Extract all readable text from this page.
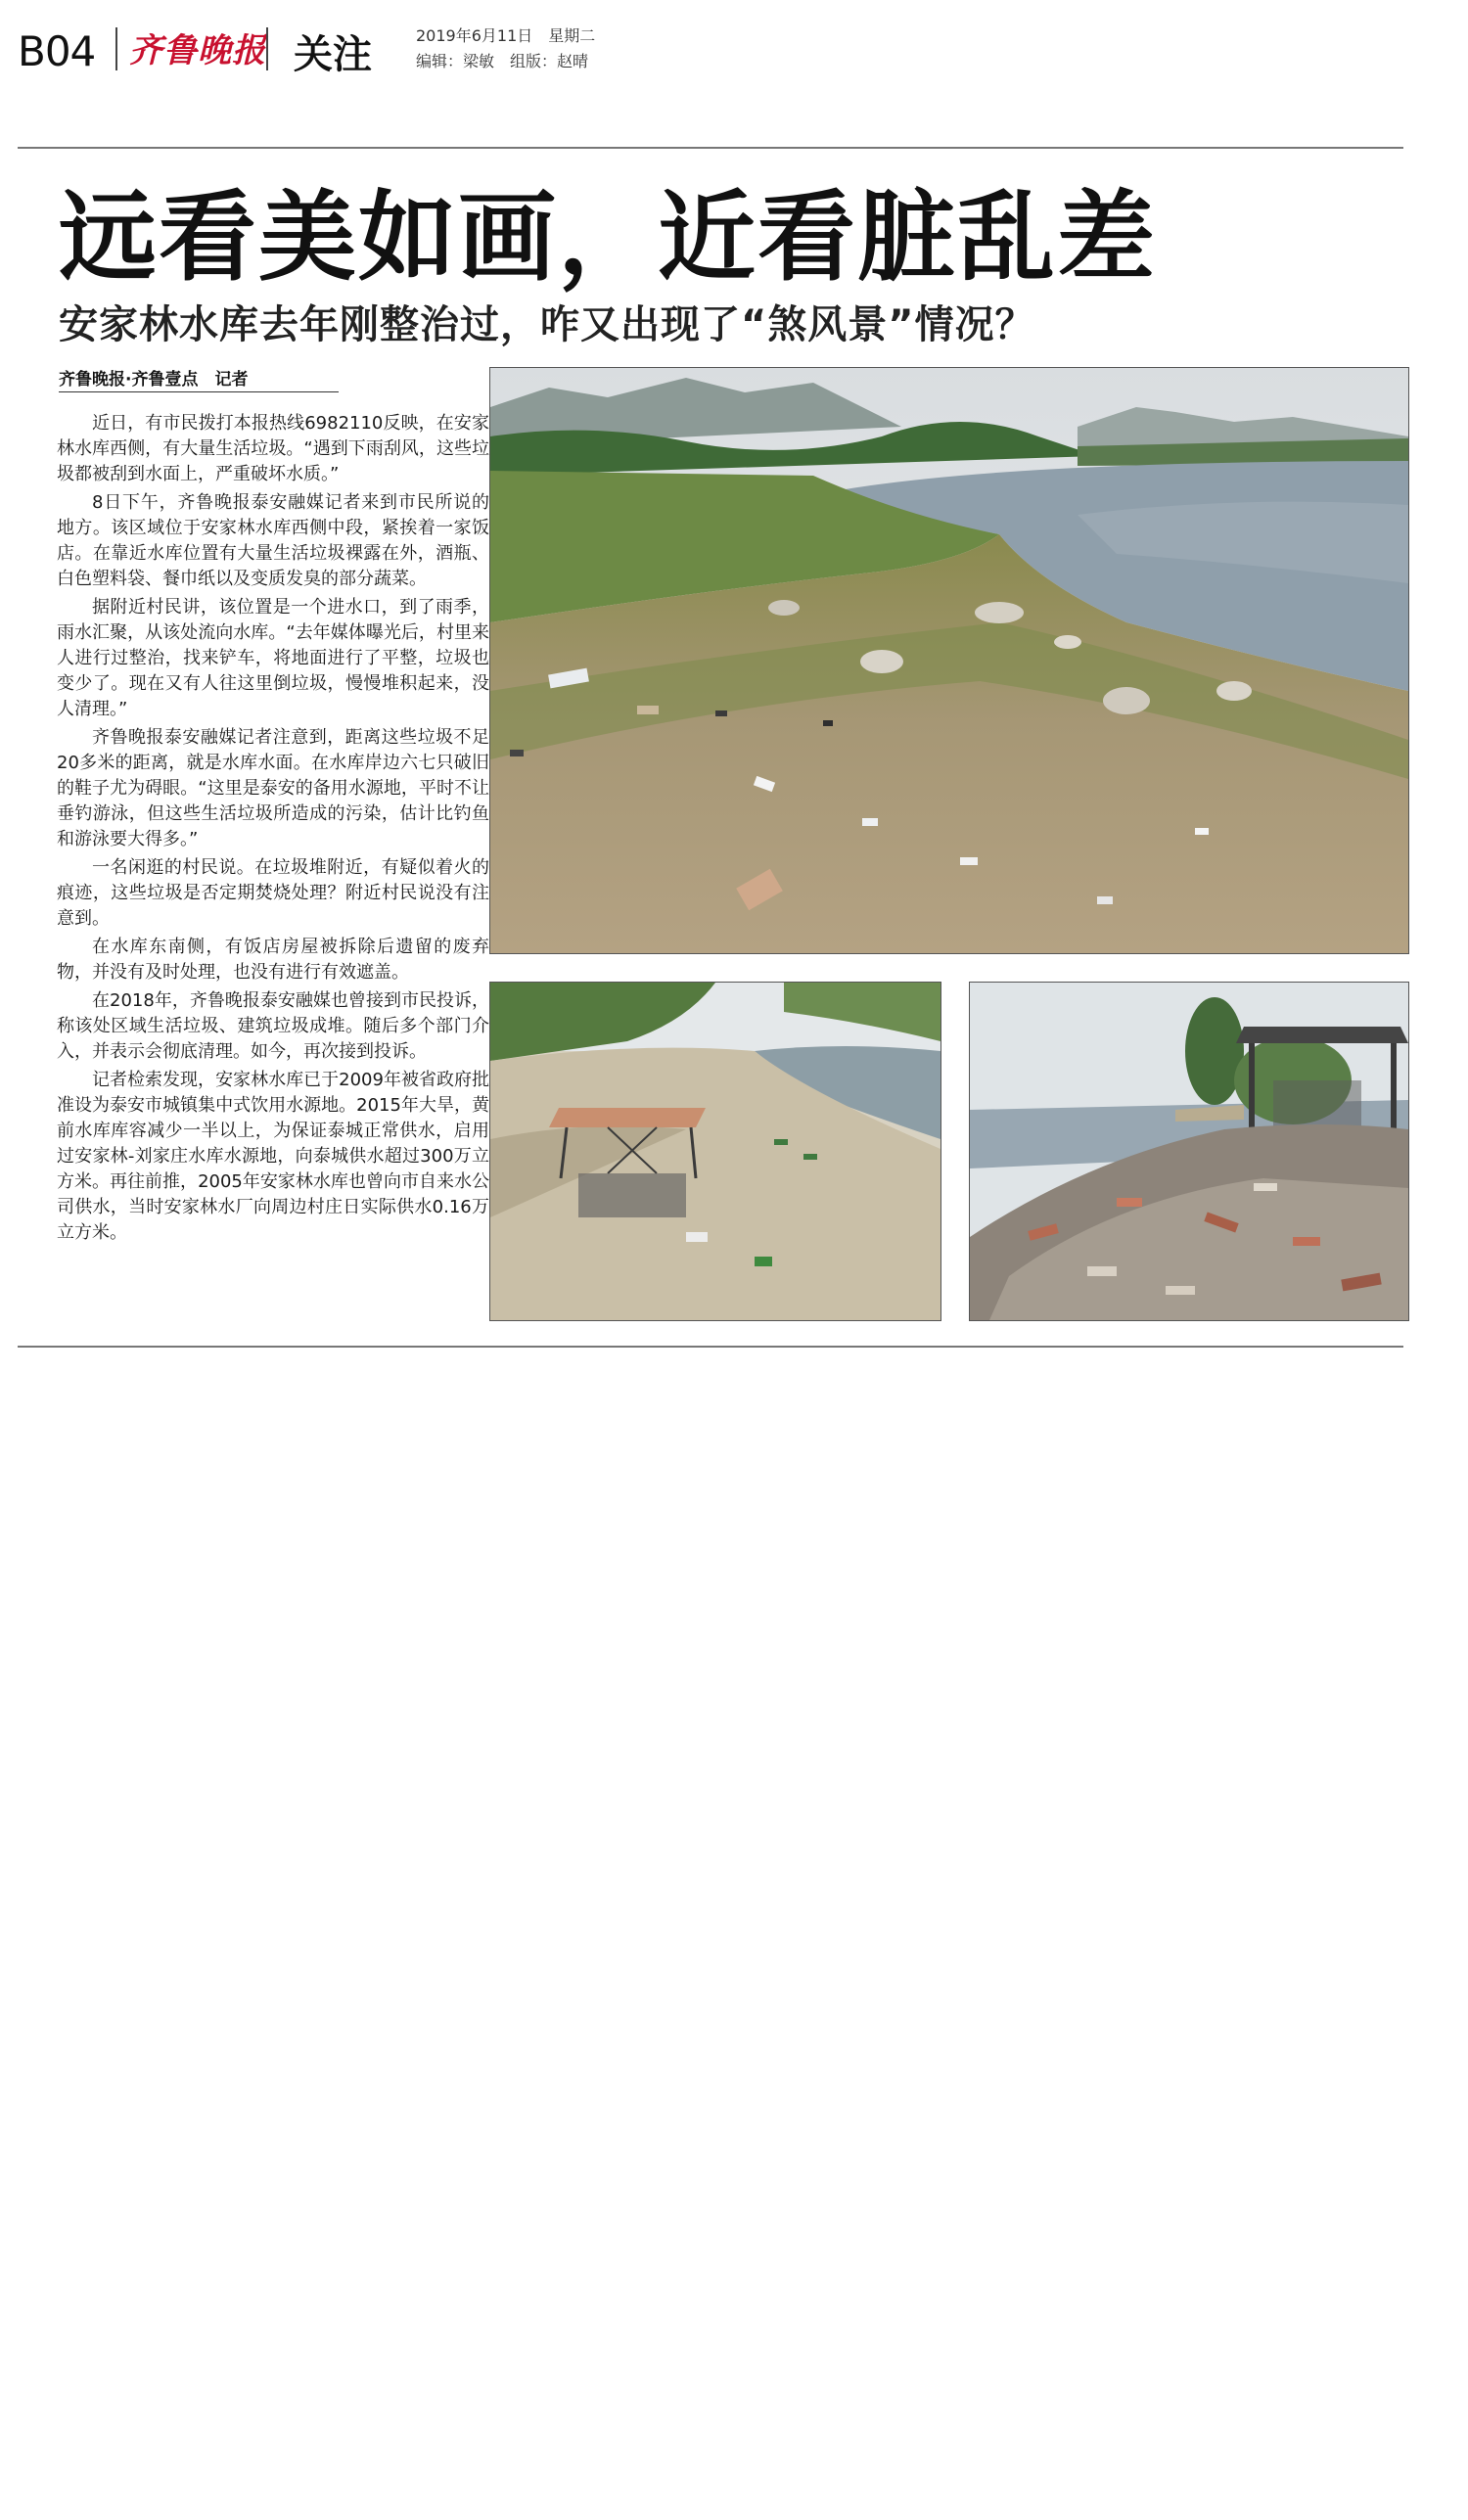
B04 齐鲁晚报 关注	2019年6月11日　星期二
编辑：梁敏　组版：赵晴
远看美如画，近看脏乱差
安家林水库去年刚整治过，咋又出现了“煞风景”情况？
齐鲁晚报·齐鲁壹点　记者

近日，有市民拨打本报热线6982110反映，在安家林水库西侧，有大量生活垃圾。“遇到下雨刮风，这些垃圾都被刮到水面上，严重破坏水质。”

8日下午，齐鲁晚报泰安融媒记者来到市民所说的地方。该区域位于安家林水库西侧中段，紧挨着一家饭店。在靠近水库位置有大量生活垃圾裸露在外，酒瓶、白色塑料袋、餐巾纸以及变质发臭的部分蔬菜。

据附近村民讲，该位置是一个进水口，到了雨季，雨水汇聚，从该处流向水库。“去年媒体曝光后，村里来人进行过整治，找来铲车，将地面进行了平整，垃圾也变少了。现在又有人往这里倒垃圾，慢慢堆积起来，没人清理。”

齐鲁晚报泰安融媒记者注意到，距离这些垃圾不足20多米的距离，就是水库水面。在水库岸边六七只破旧的鞋子尤为碍眼。“这里是泰安的备用水源地，平时不让垂钓游泳，但这些生活垃圾所造成的污染，估计比钓鱼和游泳要大得多。”

一名闲逛的村民说。在垃圾堆附近，有疑似着火的痕迹，这些垃圾是否定期焚烧处理？附近村民说没有注意到。

在水库东南侧，有饭店房屋被拆除后遗留的废弃物，并没有及时处理，也没有进行有效遮盖。

在2018年，齐鲁晚报泰安融媒也曾接到市民投诉，称该处区域生活垃圾、建筑垃圾成堆。随后多个部门介入，并表示会彻底清理。如今，再次接到投诉。

记者检索发现，安家林水库已于2009年被省政府批准设为泰安市城镇集中式饮用水源地。2015年大旱，黄前水库库容减少一半以上，为保证泰城正常供水，启用过安家林-刘家庄水库水源地，向泰城供水超过300万立方米。再往前推，2005年安家林水库也曾向市自来水公司供水，当时安家林水厂向周边村庄日实际供水0.16万立方米。
